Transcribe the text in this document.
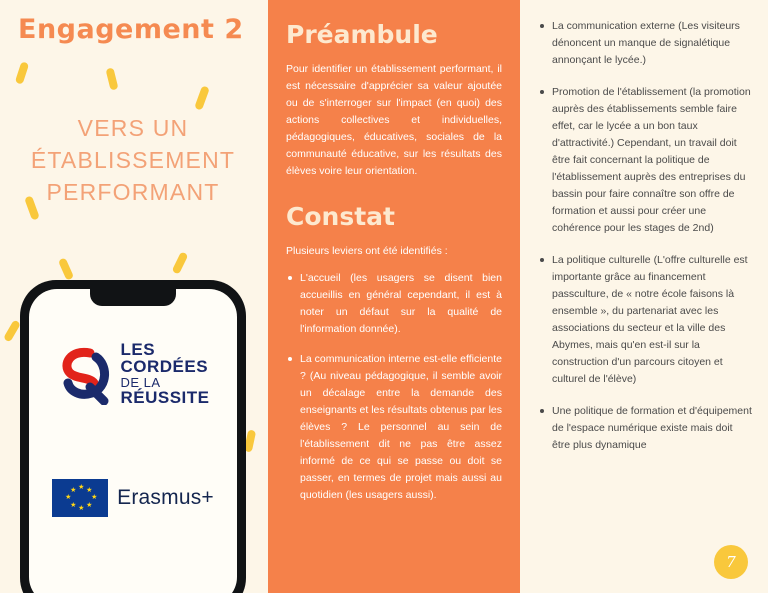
Engagement 2
VERS UN ÉTABLISSEMENT PERFORMANT
LES
CORDÉES
DE LA
RÉUSSITE
★ ★
★
★
★
★
★
★ Erasmus+
Préambule

Pour identifier un établissement performant, il est nécessaire d'apprécier sa valeur ajoutée ou de s'interroger sur l'impact (en quoi) des actions collectives et individuelles, pédagogiques, éducatives, sociales de la communauté éducative, sur les résultats des élèves voire leur orientation.

Constat

Plusieurs leviers ont été identifiés :

L'accueil (les usagers se disent bien accueillis en général cependant, il est à noter un défaut sur la qualité de l'information donnée).
La communication interne est-elle efficiente ? (Au niveau pédagogique, il semble avoir un décalage entre la demande des enseignants et les résultats obtenus par les élèves ? Le personnel au sein de l'établissement dit ne pas être assez informé de ce qui se passe ou doit se passer, en termes de projet mais aussi au quotidien (les usagers aussi).
La communication externe (Les visiteurs dénoncent un manque de signalétique annonçant le lycée.)
Promotion de l'établissement (la promotion auprès des établissements semble faire effet, car le lycée a un bon taux d'attractivité.) Cependant, un travail doit être fait concernant la politique de l'établissement auprès des entreprises du bassin pour faire connaître son offre de formation et aussi pour créer une cohérence pour les stages de 2nd)
La politique culturelle (L'offre culturelle est importante grâce au financement passculture, de « notre école faisons là ensemble », du partenariat avec les associations du secteur et la ville des Abymes, mais qu'en est-il sur la construction d'un parcours citoyen et culturel de l'élève)
Une politique de formation et d'équipement de l'espace numérique existe mais doit être plus dynamique
7
